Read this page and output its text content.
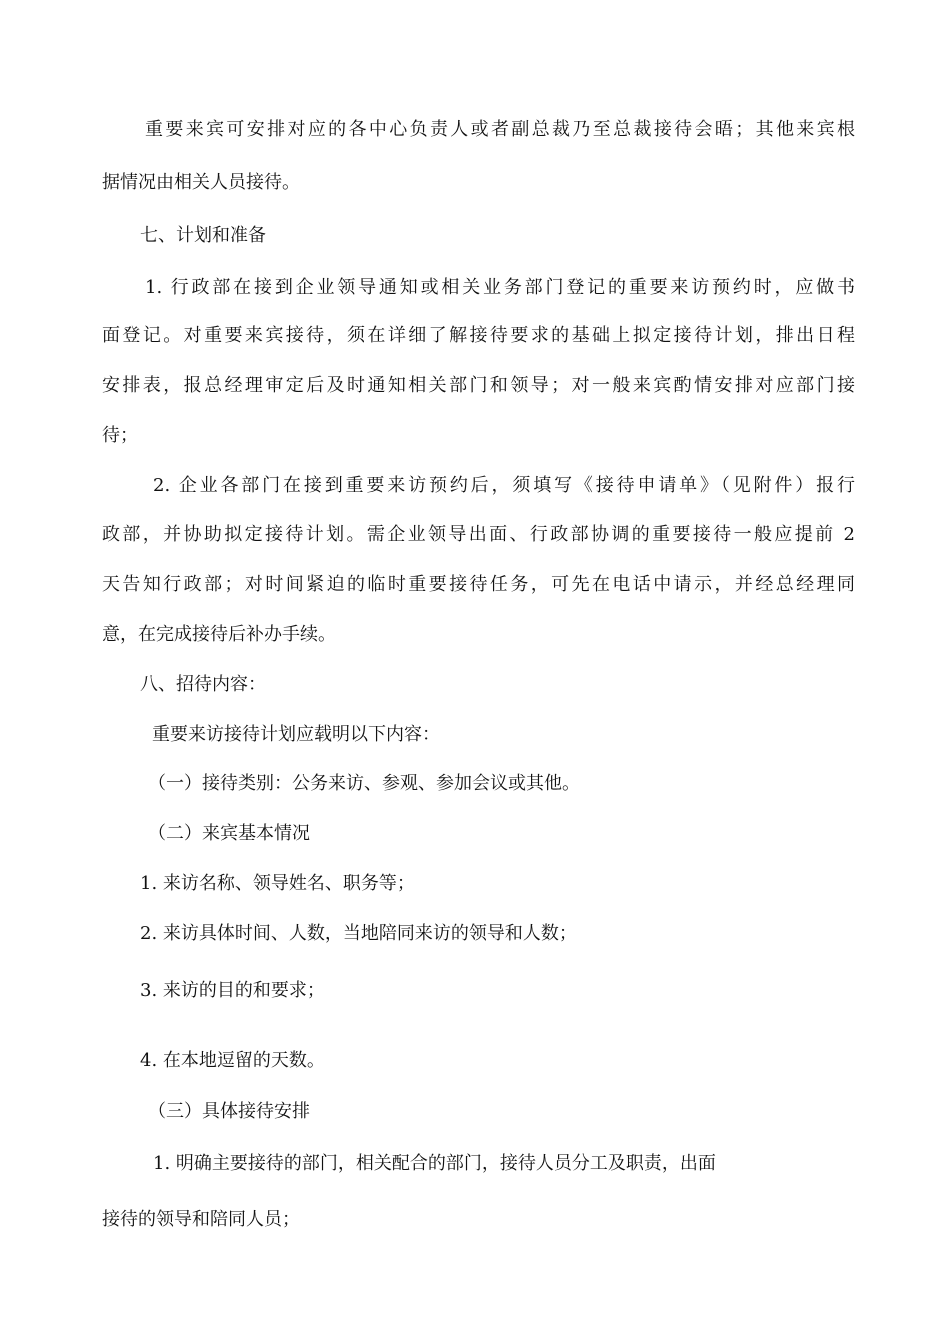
重要来宾可安排对应的各中心负责人或者副总裁乃至总裁接待会晤；其他来宾根
据情况由相关人员接待。
七、计划和准备
1. 行政部在接到企业领导通知或相关业务部门登记的重要来访预约时，应做书
面登记。对重要来宾接待，须在详细了解接待要求的基础上拟定接待计划，排出日程
安排表，报总经理审定后及时通知相关部门和领导；对一般来宾酌情安排对应部门接
待；
2. 企业各部门在接到重要来访预约后，须填写《接待申请单》（见附件）报行
政部，并协助拟定接待计划。需企业领导出面、行政部协调的重要接待一般应提前 2
天告知行政部；对时间紧迫的临时重要接待任务，可先在电话中请示，并经总经理同
意，在完成接待后补办手续。
八、招待内容：
重要来访接待计划应载明以下内容：
（一）接待类别：公务来访、参观、参加会议或其他。
（二）来宾基本情况
1. 来访名称、领导姓名、职务等；
2. 来访具体时间、人数，当地陪同来访的领导和人数；
3. 来访的目的和要求；
4. 在本地逗留的天数。
（三）具体接待安排
1. 明确主要接待的部门，相关配合的部门，接待人员分工及职责，出面
接待的领导和陪同人员；
